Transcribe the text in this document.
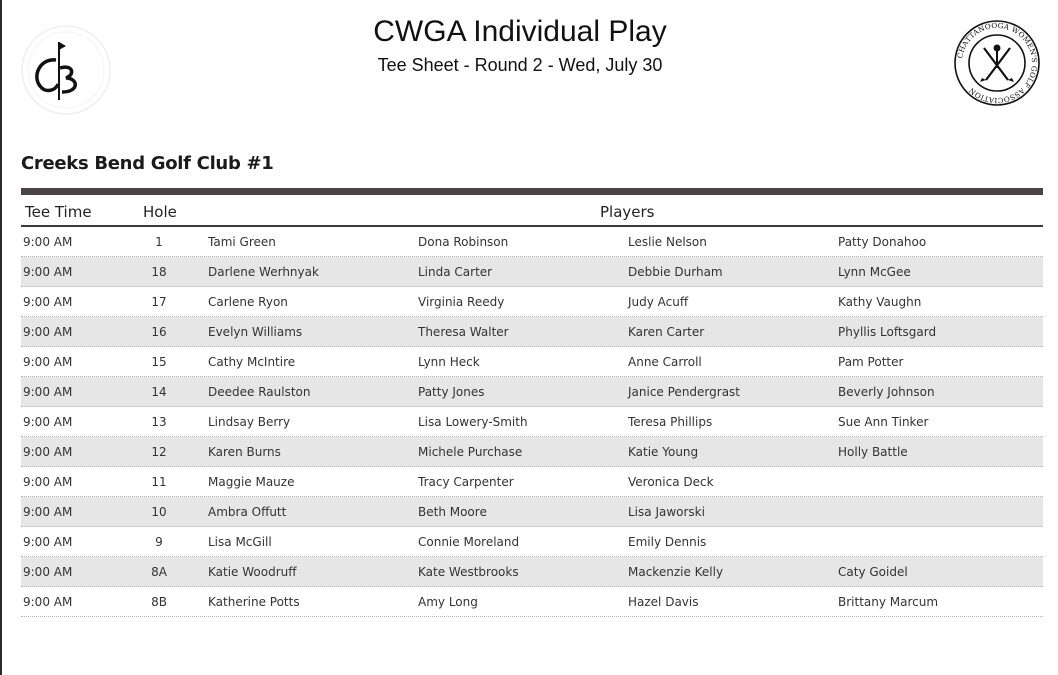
CWGA Individual Play
Tee Sheet - Round 2 - Wed, July 30	CHATTANOOGA WOMEN'S GOLF ASSOCIATION
Creeks Bend Golf Club #1
Tee Time	Hole	Players
9:00 AM	1	Tami Green	Dona Robinson	Leslie Nelson	Patty Donahoo
9:00 AM	18	Darlene Werhnyak	Linda Carter	Debbie Durham	Lynn McGee
9:00 AM	17	Carlene Ryon	Virginia Reedy	Judy Acuff	Kathy Vaughn
9:00 AM	16	Evelyn Williams	Theresa Walter	Karen Carter	Phyllis Loftsgard
9:00 AM	15	Cathy McIntire	Lynn Heck	Anne Carroll	Pam Potter
9:00 AM	14	Deedee Raulston	Patty Jones	Janice Pendergrast	Beverly Johnson
9:00 AM	13	Lindsay Berry	Lisa Lowery-Smith	Teresa Phillips	Sue Ann Tinker
9:00 AM	12	Karen Burns	Michele Purchase	Katie Young	Holly Battle
9:00 AM	11	Maggie Mauze	Tracy Carpenter	Veronica Deck
9:00 AM	10	Ambra Offutt	Beth Moore	Lisa Jaworski
9:00 AM	9	Lisa McGill	Connie Moreland	Emily Dennis
9:00 AM	8A	Katie Woodruff	Kate Westbrooks	Mackenzie Kelly	Caty Goidel
9:00 AM	8B	Katherine Potts	Amy Long	Hazel Davis	Brittany Marcum
